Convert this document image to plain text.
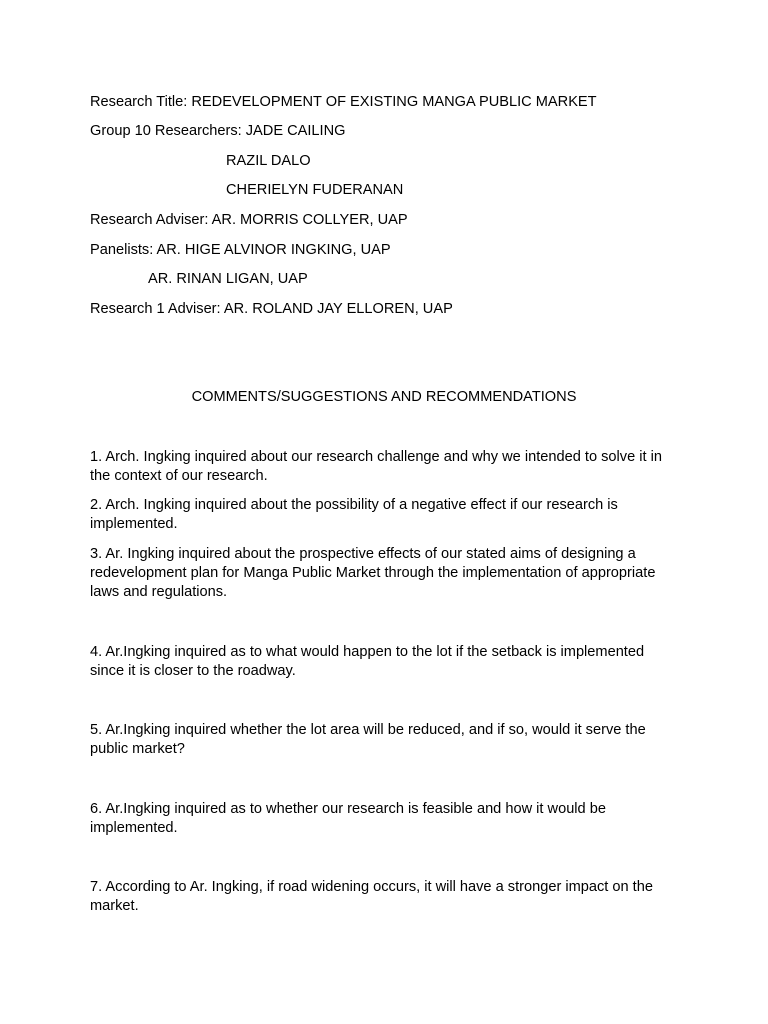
Research Title: REDEVELOPMENT OF EXISTING MANGA PUBLIC MARKET
Group 10 Researchers: JADE CAILING
RAZIL DALO
CHERIELYN FUDERANAN
Research Adviser: AR. MORRIS COLLYER, UAP
Panelists: AR. HIGE ALVINOR INGKING, UAP
AR. RINAN LIGAN, UAP
Research 1 Adviser: AR. ROLAND JAY ELLOREN, UAP
COMMENTS/SUGGESTIONS AND RECOMMENDATIONS
1. Arch. Ingking inquired about our research challenge and why we intended to solve it in the context of our research.
2. Arch. Ingking inquired about the possibility of a negative effect if our research is implemented.
3. Ar. Ingking inquired about the prospective effects of our stated aims of designing a redevelopment plan for Manga Public Market through the implementation of appropriate laws and regulations.
4. Ar.Ingking inquired as to what would happen to the lot if the setback is implemented since it is closer to the roadway.
5. Ar.Ingking inquired whether the lot area will be reduced, and if so, would it serve the public market?
6. Ar.Ingking inquired as to whether our research is feasible and how it would be implemented.
7. According to Ar. Ingking, if road widening occurs, it will have a stronger impact on the market.
